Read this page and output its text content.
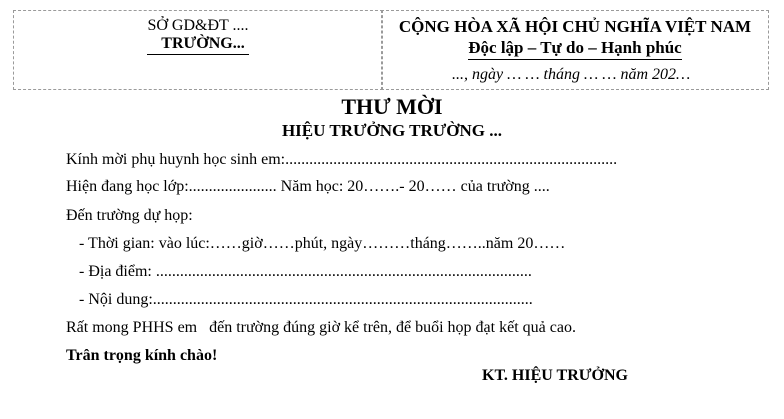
SỞ GD&ĐT ....
TRƯỜNG...
CỘNG HÒA XÃ HỘI CHỦ NGHĨA VIỆT NAM
Độc lập – Tự do – Hạnh phúc
..., ngày … … tháng … … năm 202…
THƯ MỜI
HIỆU TRƯỞNG TRƯỜNG ...
Kính mời phụ huynh học sinh em:...................................................................................
Hiện đang học lớp:...................... Năm học: 20…….- 20…… của trường ....
Đến trường dự họp:
- Thời gian: vào lúc:……giờ……phút, ngày………tháng……..năm 20……
- Địa điểm: ..............................................................................................
- Nội dung:...............................................................................................
Rất mong PHHS em   đến trường đúng giờ kể trên, để buổi họp đạt kết quả cao.
Trân trọng kính chào!
KT. HIỆU TRƯỞNG
